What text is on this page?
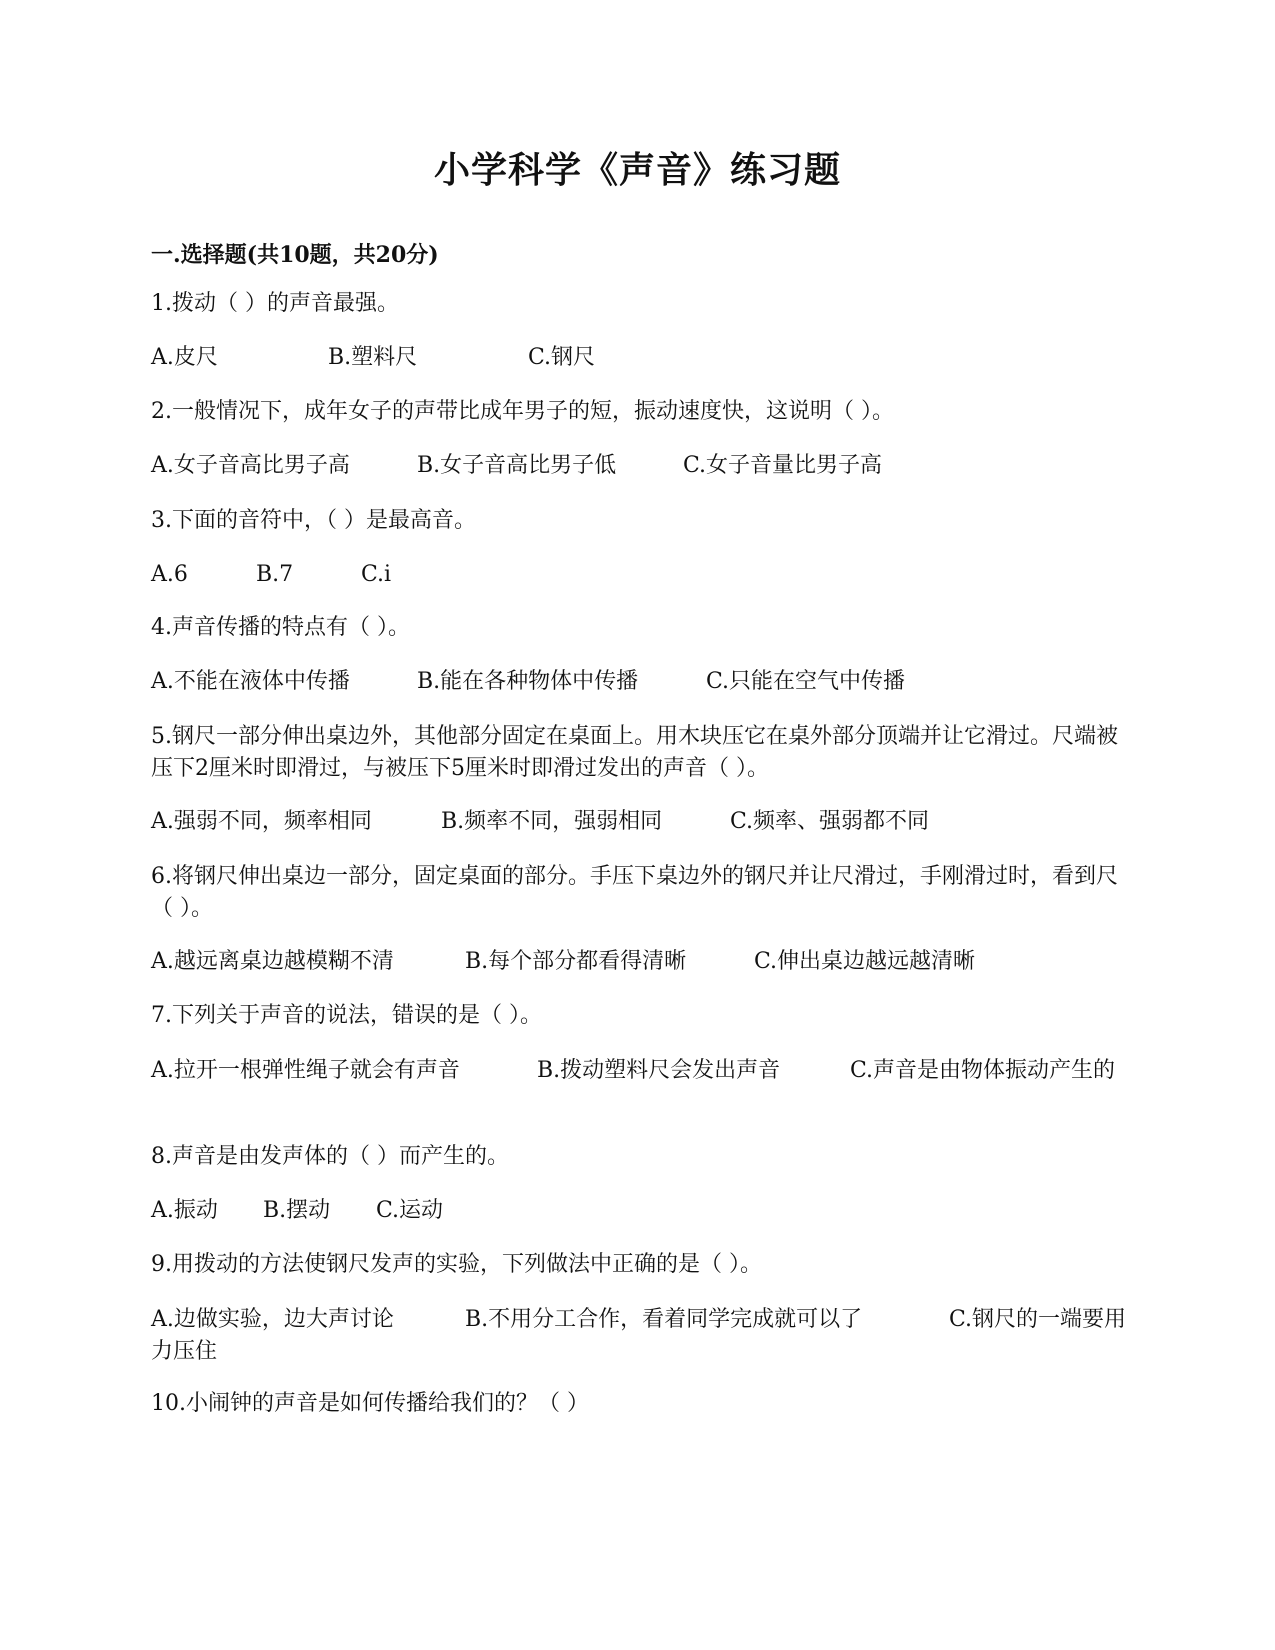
小学科学《声音》练习题
一.选择题(共10题，共20分)
1.拨动（ ）的声音最强。
A.皮尺	B.塑料尺	C.钢尺
2.一般情况下，成年女子的声带比成年男子的短，振动速度快，这说明（ ）。
A.女子音高比男子高	B.女子音高比男子低	C.女子音量比男子高
3.下面的音符中，（ ）是最高音。
A.6	B.7	C.i
4.声音传播的特点有（ ）。
A.不能在液体中传播	B.能在各种物体中传播	C.只能在空气中传播
5.钢尺一部分伸出桌边外，其他部分固定在桌面上。用木块压它在桌外部分顶端并让它滑过。尺端被压下2厘米时即滑过，与被压下5厘米时即滑过发出的声音（ ）。
A.强弱不同，频率相同	B.频率不同，强弱相同	C.频率、强弱都不同
6.将钢尺伸出桌边一部分，固定桌面的部分。手压下桌边外的钢尺并让尺滑过，手刚滑过时，看到尺（ ）。
A.越远离桌边越模糊不清	B.每个部分都看得清晰	C.伸出桌边越远越清晰
7.下列关于声音的说法，错误的是（ ）。
A.拉开一根弹性绳子就会有声音	B.拨动塑料尺会发出声音	C.声音是由物体振动产生的
8.声音是由发声体的（ ）而产生的。
A.振动 B.摆动 C.运动
9.用拨动的方法使钢尺发声的实验，下列做法中正确的是（ ）。
A.边做实验，边大声讨论	B.不用分工合作，看着同学完成就可以了	C.钢尺的一端要用力压住
10.小闹钟的声音是如何传播给我们的？（ ）
